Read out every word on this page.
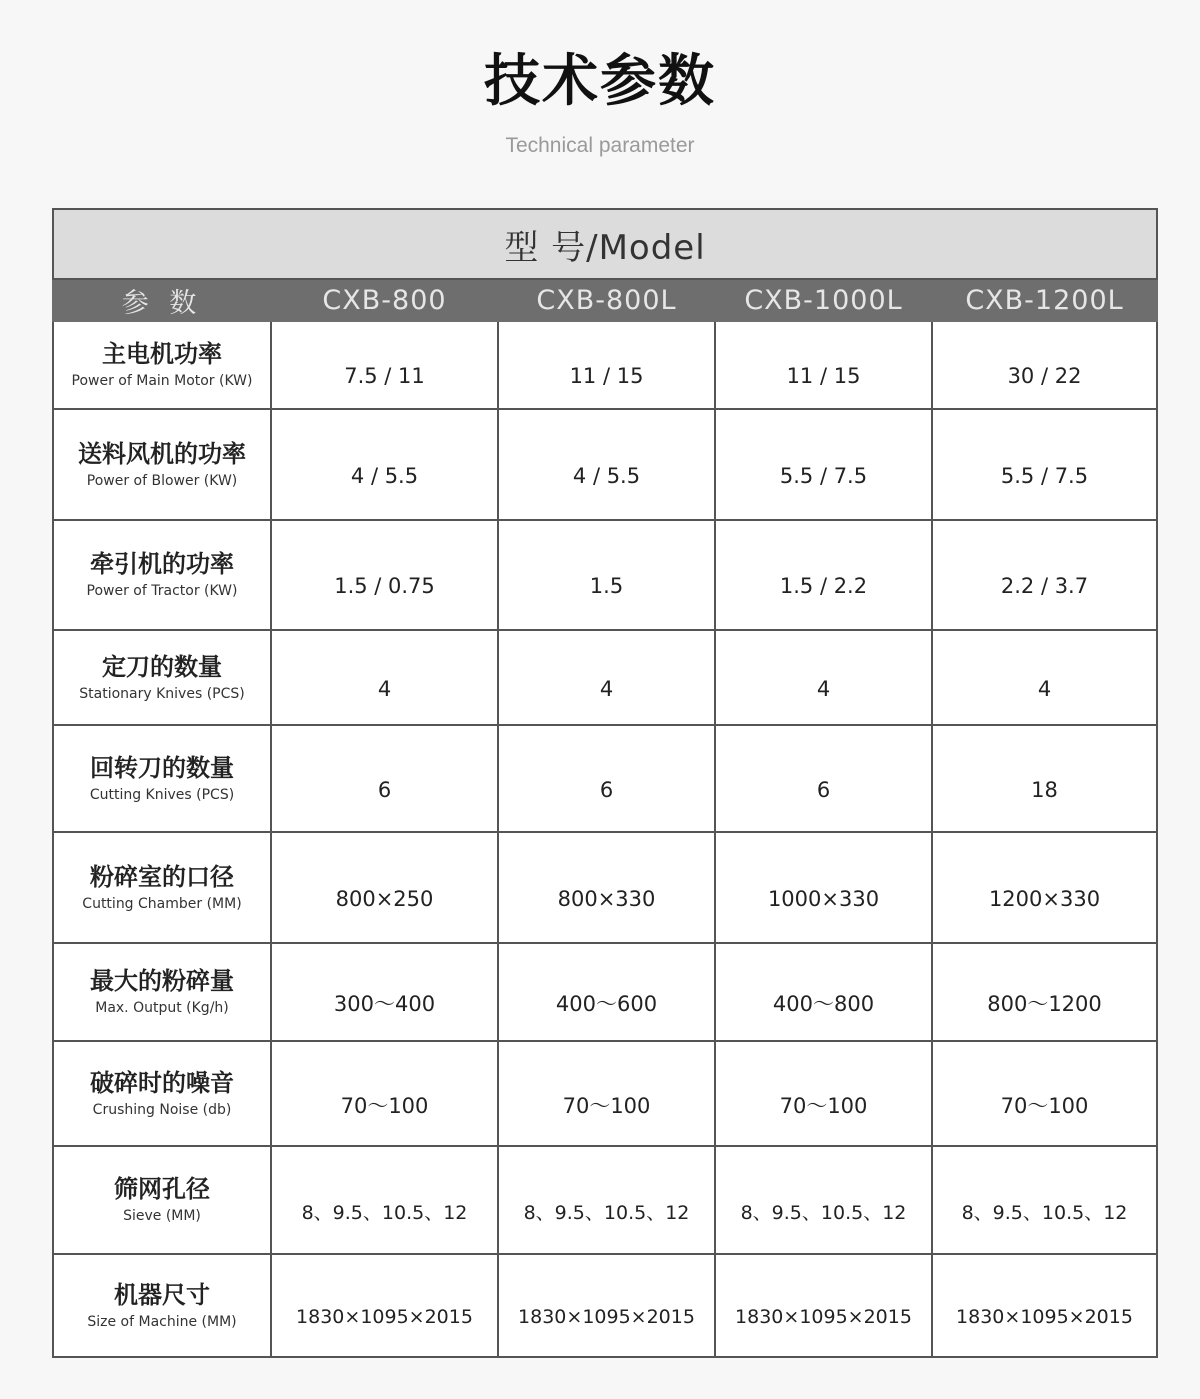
技术参数
Technical parameter
型 号/Model				
参 数	CXB-800	CXB-800L	CXB-1000L	CXB-1200L

主电机功率
Power of Main Motor (KW)	7.5 / 11	11 / 15	11 / 15	30 / 22

送料风机的功率
Power of Blower (KW)	4 / 5.5	4 / 5.5	5.5 / 7.5	5.5 / 7.5

牵引机的功率
Power of Tractor (KW)	1.5 / 0.75	1.5	1.5 / 2.2	2.2 / 3.7

定刀的数量
Stationary Knives (PCS)	4	4	4	4

回转刀的数量
Cutting Knives (PCS)	6	6	6	18

粉碎室的口径
Cutting Chamber (MM)	800×250	800×330	1000×330	1200×330

最大的粉碎量
Max. Output (Kg/h)	300～400	400～600	400～800	800～1200

破碎时的噪音
Crushing Noise (db)	70～100	70～100	70～100	70～100

筛网孔径
Sieve (MM)	8、9.5、10.5、12	8、9.5、10.5、12	8、9.5、10.5、12	8、9.5、10.5、12

机器尺寸
Size of Machine (MM)	1830×1095×2015	1830×1095×2015	1830×1095×2015	1830×1095×2015
